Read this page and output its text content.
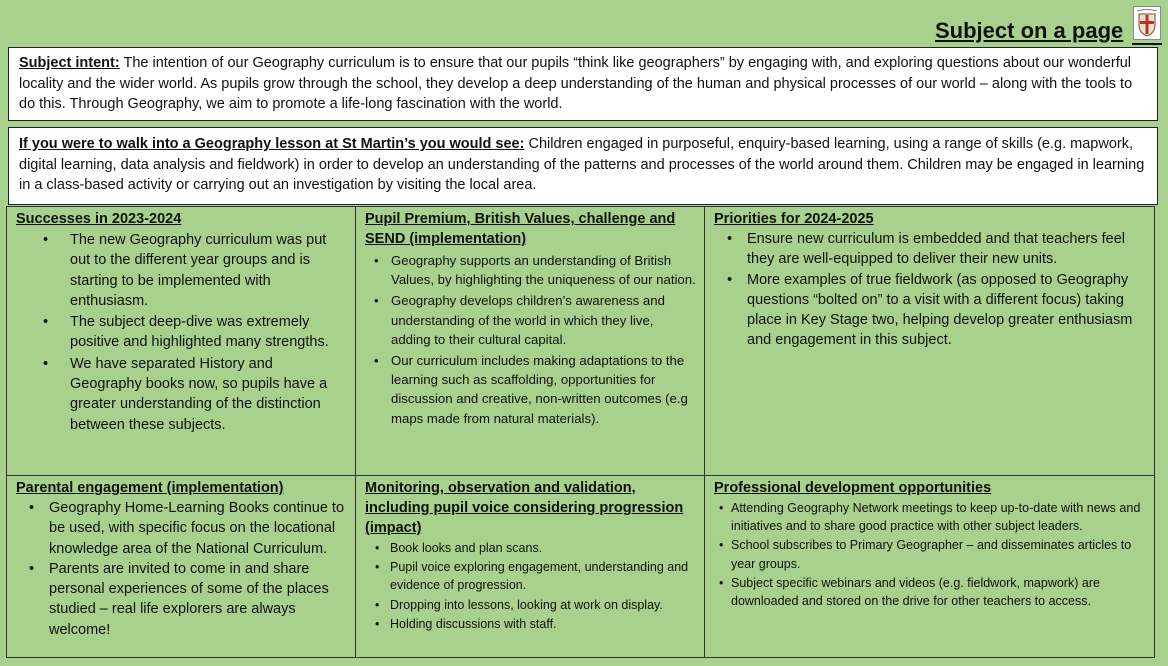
Subject on a page
Subject intent: The intention of our Geography curriculum is to ensure that our pupils “think like geographers” by engaging with, and exploring questions about our wonderful locality and the wider world. As pupils grow through the school, they develop a deep understanding of the human and physical processes of our world – along with the tools to do this. Through Geography, we aim to promote a life-long fascination with the world.
If you were to walk into a Geography lesson at St Martin’s you would see: Children engaged in purposeful, enquiry-based learning, using a range of skills (e.g. mapwork, digital learning, data analysis and fieldwork) in order to develop an understanding of the patterns and processes of the world around them. Children may be engaged in learning in a class-based activity or carrying out an investigation by visiting the local area.
Successes in 2023-2024
• The new Geography curriculum was put out to the different year groups and is starting to be implemented with enthusiasm.
• The subject deep-dive was extremely positive and highlighted many strengths.
• We have separated History and Geography books now, so pupils have a greater understanding of the distinction between these subjects.
Pupil Premium, British Values, challenge and SEND (implementation)
• Geography supports an understanding of British Values, by highlighting the uniqueness of our nation.
• Geography develops children’s awareness and understanding of the world in which they live, adding to their cultural capital.
• Our curriculum includes making adaptations to the learning such as scaffolding, opportunities for discussion and creative, non-written outcomes (e.g maps made from natural materials).
Priorities for 2024-2025
• Ensure new curriculum is embedded and that teachers feel they are well-equipped to deliver their new units.
• More examples of true fieldwork (as opposed to Geography questions “bolted on” to a visit with a different focus) taking place in Key Stage two, helping develop greater enthusiasm and engagement in this subject.
Parental engagement (implementation)
• Geography Home-Learning Books continue to be used, with specific focus on the locational knowledge area of the National Curriculum.
• Parents are invited to come in and share personal experiences of some of the places studied – real life explorers are always welcome!
Monitoring, observation and validation, including pupil voice considering progression (impact)
• Book looks and plan scans.
• Pupil voice exploring engagement, understanding and evidence of progression.
• Dropping into lessons, looking at work on display.
• Holding discussions with staff.
Professional development opportunities
• Attending Geography Network meetings to keep up-to-date with news and initiatives and to share good practice with other subject leaders.
• School subscribes to Primary Geographer – and disseminates articles to year groups.
• Subject specific webinars and videos (e.g. fieldwork, mapwork) are downloaded and stored on the drive for other teachers to access.
